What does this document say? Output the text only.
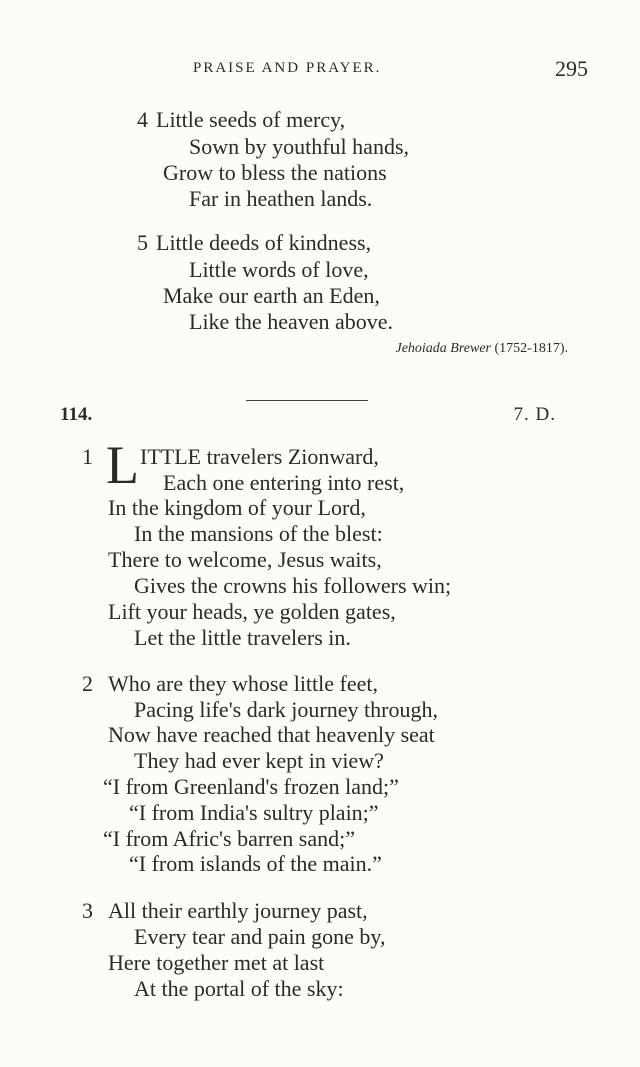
PRAISE AND PRAYER.	295
4 Little seeds of mercy,
Sown by youthful hands,
Grow to bless the nations
Far in heathen lands.
5 Little deeds of kindness,
Little words of love,
Make our earth an Eden,
Like the heaven above.
Jehoiada Brewer (1752-1817).
114.	7. D.
1 L ITTLE travelers Zionward,
Each one entering into rest,
In the kingdom of your Lord,
In the mansions of the blest:
There to welcome, Jesus waits,
Gives the crowns his followers win;
Lift your heads, ye golden gates,
Let the little travelers in.
2 Who are they whose little feet,
Pacing life's dark journey through,
Now have reached that heavenly seat
They had ever kept in view?
“I from Greenland's frozen land;”
“I from India's sultry plain;”
“I from Afric's barren sand;”
“I from islands of the main.”
3 All their earthly journey past,
Every tear and pain gone by,
Here together met at last
At the portal of the sky:
